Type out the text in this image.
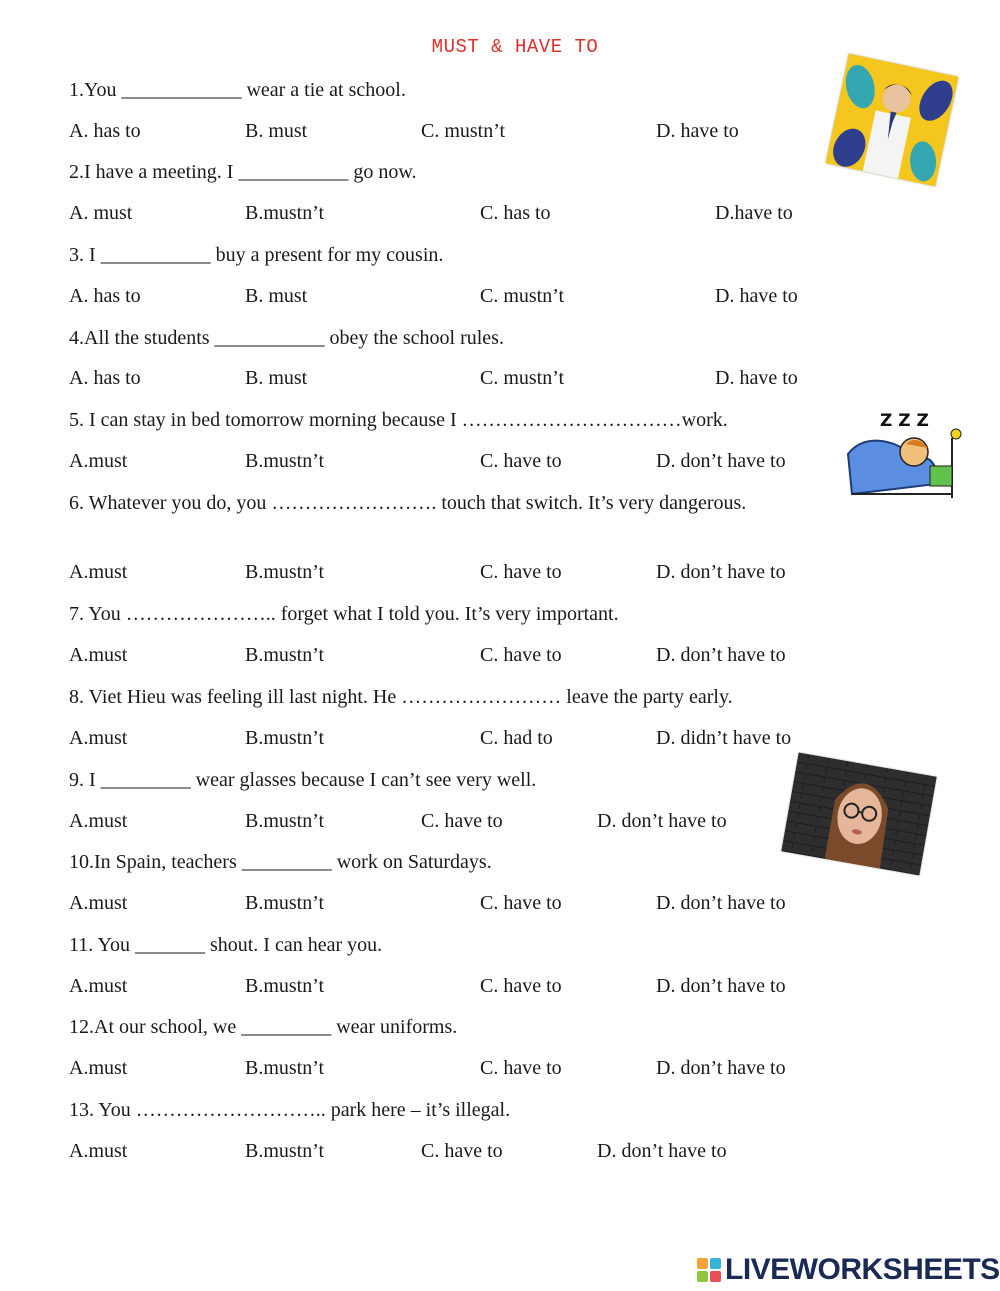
MUST & HAVE TO
1.You ____________ wear a tie at school.
A. has to	B. must	C. mustn’t	D. have to
2.I have a meeting. I ___________ go now.
A. must	B.mustn’t	C. has to	D.have to
3. I ___________ buy a present for my cousin.
A. has to	B. must	C. mustn’t	D. have to
4.All the students ___________ obey the school rules.
A. has to	B. must	C. mustn’t	D. have to
5. I can stay in bed tomorrow morning because I ……………………………work.
A.must	B.mustn’t	C. have to	D. don’t have to
6. Whatever you do, you ……………………. touch that switch. It’s very dangerous.
A.must	B.mustn’t	C. have to	D. don’t have to
7. You ………………….. forget what I told you. It’s very important.
A.must	B.mustn’t	C. have to	D. don’t have to
8. Viet Hieu was feeling ill last night. He …………………… leave the party early.
A.must	B.mustn’t	C. had to	D. didn’t have to
9. I _________ wear glasses because I can’t see very well.
A.must	B.mustn’t	C. have to	D. don’t have to
10.In Spain, teachers _________ work on Saturdays.
A.must	B.mustn’t	C. have to	D. don’t have to
11. You _______ shout. I can hear you.
A.must	B.mustn’t	C. have to	D. don’t have to
12.At our school, we _________ wear uniforms.
A.must	B.mustn’t	C. have to	D. don’t have to
13. You ……………………….. park here – it’s illegal.
A.must	B.mustn’t	C. have to	D. don’t have to
Z Z Z
LIVEWORKSHEETS
